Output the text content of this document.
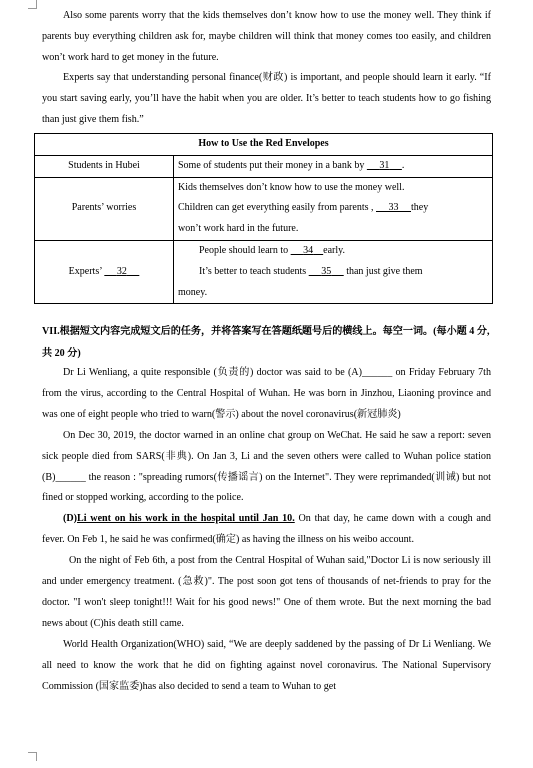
Also some parents worry that the kids themselves don’t know how to use the money well. They think if parents buy everything children ask for, maybe children will think that money comes too easily, and children won’t work hard to get money in the future.

Experts say that understanding personal finance(财政) is important, and people should learn it early. “If you start saving early, you’ll have the habit when you are older. It’s better to teach students how to go fishing than just give them fish.”

How to Use the Red Envelopes	
Students in Hubei	Some of students put their money in a bank by 31 .
Parents’ worries	Kids themselves don’t know how to use the money well.
Children can get everything easily from parents , 33 they
won’t work hard in the future.

Experts’ 32	People should learn to 34 early.
It’s better to teach students 35 than just give them
money.
VII.根据短文内容完成短文后的任务，并将答案写在答题纸题号后的横线上。每空一词。(每小题 4 分,共 20 分)

Dr Li Wenliang, a quite responsible (负责的) doctor was said to be (A)______ on Friday February 7th from the virus, according to the Central Hospital of Wuhan. He was born in Jinzhou, Liaoning province and was one of eight people who tried to warn(警示) about the novel coronavirus(新冠肺炎)

On Dec 30, 2019, the doctor warned in an online chat group on WeChat. He said he saw a report: seven sick people died from SARS(非典). On Jan 3, Li and the seven others were called to Wuhan police station (B)______ the reason : "spreading rumors(传播谣言) on the Internet". They were reprimanded(训诫) but not fined or stopped working, according to the police.

(D)Li went on his work in the hospital until Jan 10. On that day, he came down with a cough and fever. On Feb 1, he said he was confirmed(确定) as having the illness on his weibo account.

On the night of Feb 6th, a post from the Central Hospital of Wuhan said,"Doctor Li is now seriously ill and under emergency treatment. (急救)". The post soon got tens of thousands of net-friends to pray for the doctor. "I won't sleep tonight!!! Wait for his good news!" One of them wrote. But the next morning the bad news about (C)his death still came.

World Health Organization(WHO) said, “We are deeply saddened by the passing of Dr Li Wenliang. We all need to know the work that he did on fighting against novel coronavirus. The National Supervisory Commission (国家监委)has also decided to send a team to Wuhan to get
